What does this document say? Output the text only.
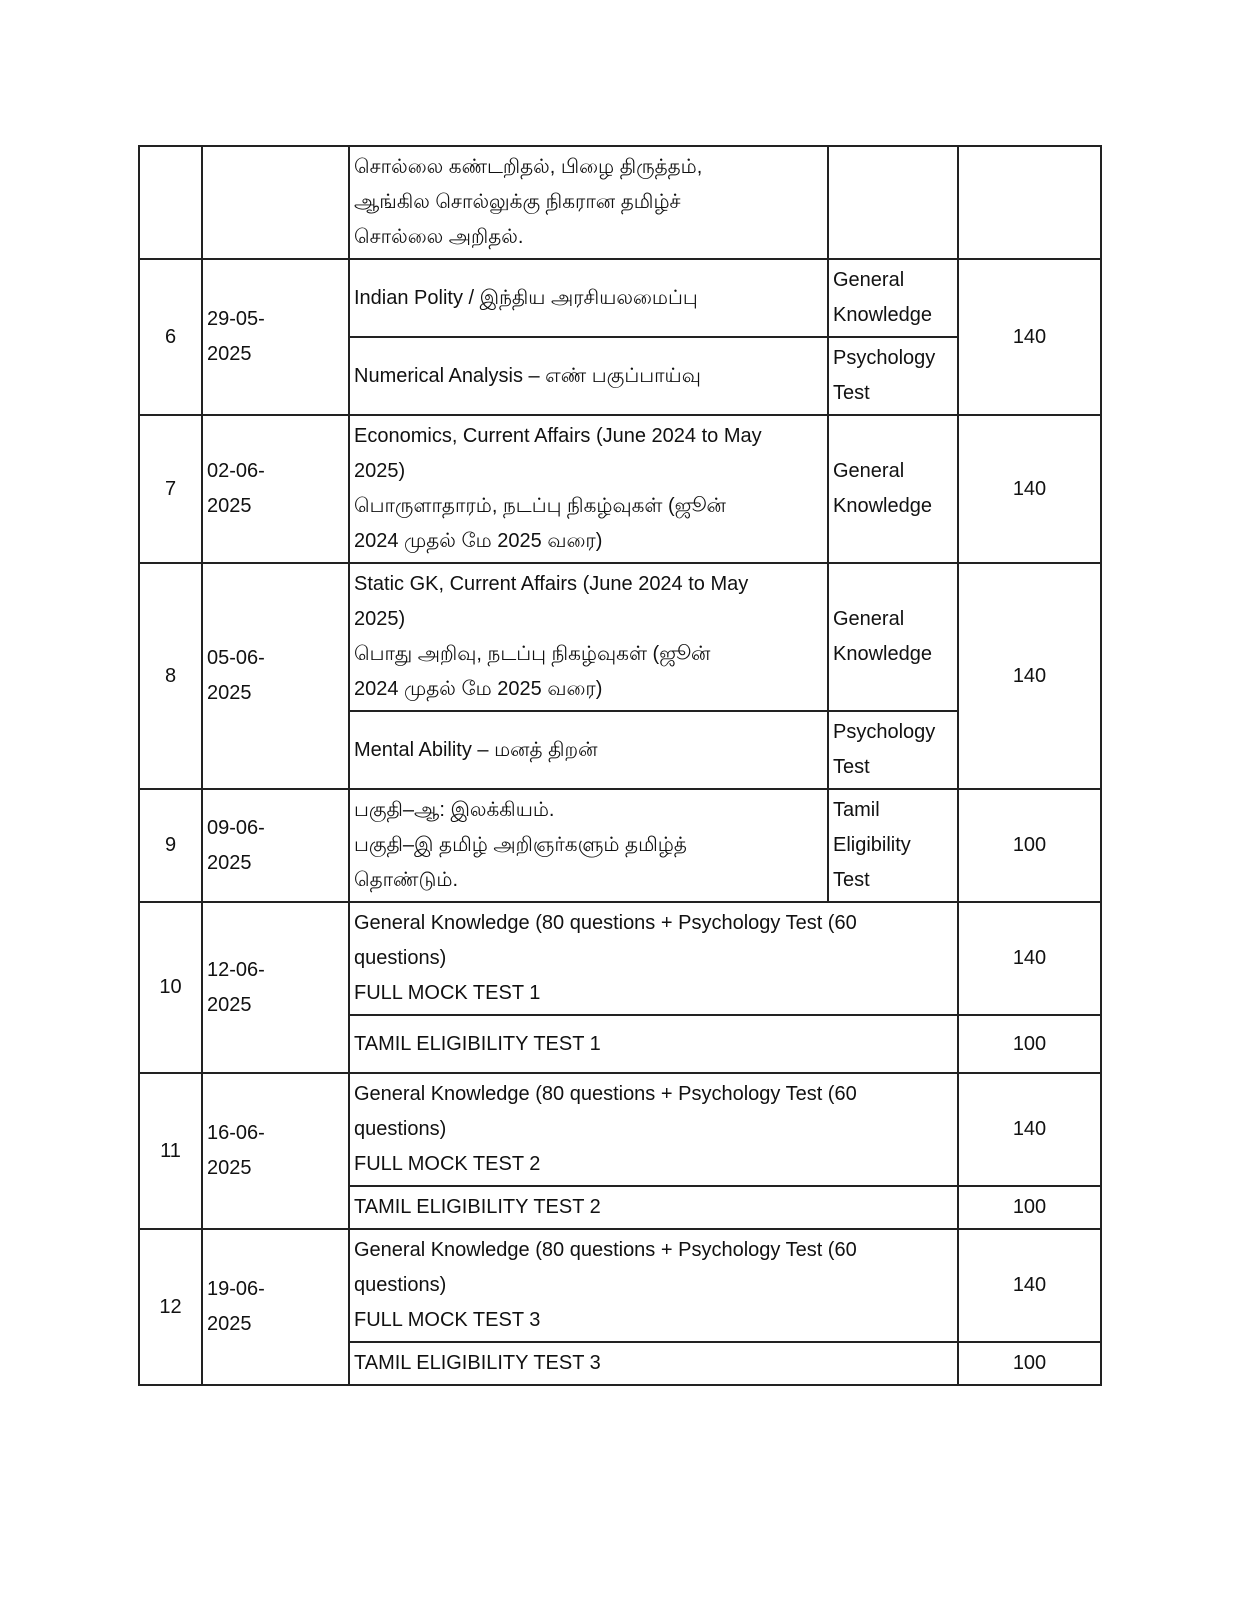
		சொல்லை கண்டறிதல், பிழை திருத்தம்,
ஆங்கில சொல்லுக்கு நிகரான தமிழ்ச்
சொல்லை அறிதல்.		

6	29-05-
2025	Indian Polity / இந்திய அரசியலமைப்பு	General
Knowledge	140
		Numerical Analysis – எண் பகுப்பாய்வு	Psychology
Test	

7	02-06-
2025	Economics, Current Affairs (June 2024 to May
2025)
பொருளாதாரம், நடப்பு நிகழ்வுகள் (ஜூன்
2024 முதல் மே 2025 வரை)	General
Knowledge	140
8	05-06-
2025	Static GK, Current Affairs (June 2024 to May
2025)
பொது அறிவு, நடப்பு நிகழ்வுகள் (ஜூன்
2024 முதல் மே 2025 வரை)	General
Knowledge	140
		Mental Ability – மனத் திறன்	Psychology
Test	

9	09-06-
2025	பகுதி–ஆ: இலக்கியம்.
பகுதி–இ தமிழ் அறிஞர்களும் தமிழ்த்
தொண்டும்.	Tamil
Eligibility
Test	100
10	12-06-
2025	General Knowledge (80 questions + Psychology Test (60
questions)
FULL MOCK TEST 1		140
		TAMIL ELIGIBILITY TEST 1		100
11	16-06-
2025	General Knowledge (80 questions + Psychology Test (60
questions)
FULL MOCK TEST 2		140
		TAMIL ELIGIBILITY TEST 2		100
12	19-06-
2025	General Knowledge (80 questions + Psychology Test (60
questions)
FULL MOCK TEST 3		140
		TAMIL ELIGIBILITY TEST 3		100
